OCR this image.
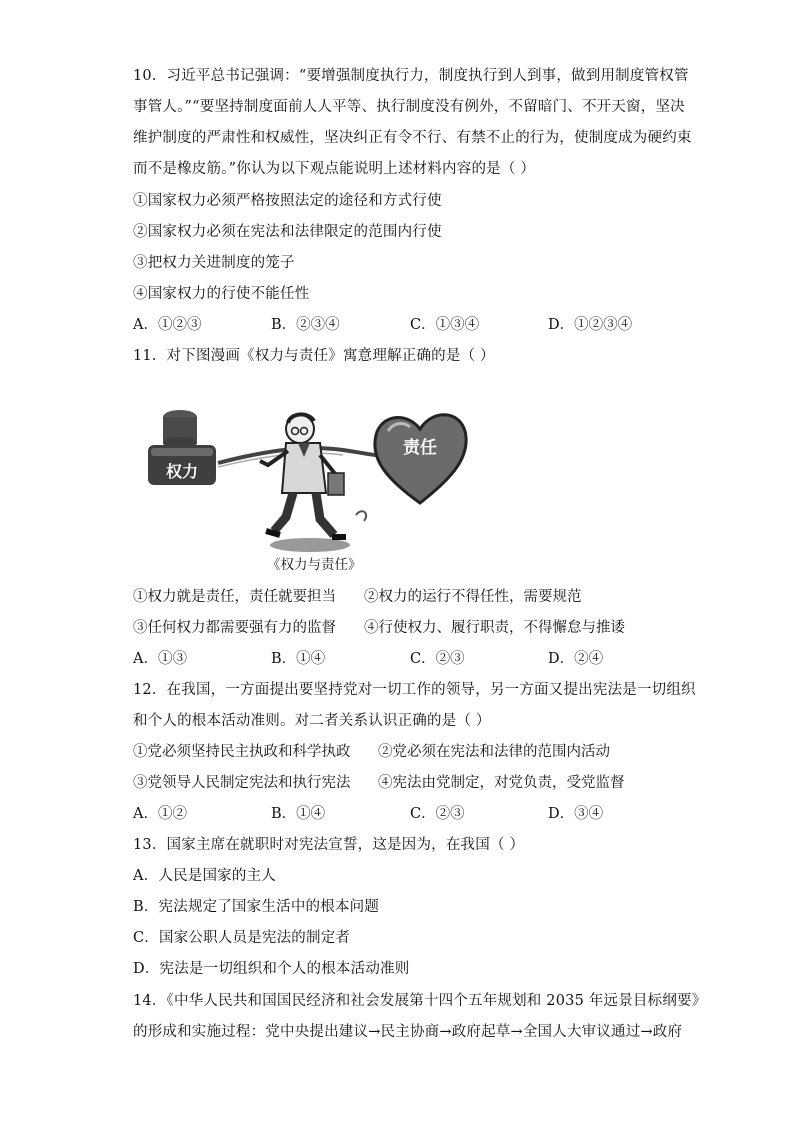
10．习近平总书记强调：“要增强制度执行力，制度执行到人到事，做到用制度管权管
事管人。”“要坚持制度面前人人平等、执行制度没有例外，不留暗门、不开天窗，坚决
维护制度的严肃性和权威性，坚决纠正有令不行、有禁不止的行为，使制度成为硬约束
而不是橡皮筋。”你认为以下观点能说明上述材料内容的是（ ）
①国家权力必须严格按照法定的途径和方式行使
②国家权力必须在宪法和法律限定的范围内行使
③把权力关进制度的笼子
④国家权力的行使不能任性
A．①②③	B．②③④	C．①③④	D．①②③④
11．对下图漫画《权力与责任》寓意理解正确的是（ ）
权力
责任
《权力与责任》
①权力就是责任，责任就要担当 ②权力的运行不得任性，需要规范
③任何权力都需要强有力的监督 ④行使权力、履行职责，不得懈怠与推诿
A．①③	B．①④	C．②③	D．②④
12．在我国，一方面提出要坚持党对一切工作的领导，另一方面又提出宪法是一切组织
和个人的根本活动准则。对二者关系认识正确的是（ ）
①党必须坚持民主执政和科学执政 ②党必须在宪法和法律的范围内活动
③党领导人民制定宪法和执行宪法 ④宪法由党制定，对党负责，受党监督
A．①②	B．①④	C．②③	D．③④
13．国家主席在就职时对宪法宣誓，这是因为，在我国（ ）
A．人民是国家的主人
B．宪法规定了国家生活中的根本问题
C．国家公职人员是宪法的制定者
D．宪法是一切组织和个人的根本活动准则
14．《中华人民共和国国民经济和社会发展第十四个五年规划和 2035 年远景目标纲要》
的形成和实施过程：党中央提出建议→民主协商→政府起草→全国人大审议通过→政府
